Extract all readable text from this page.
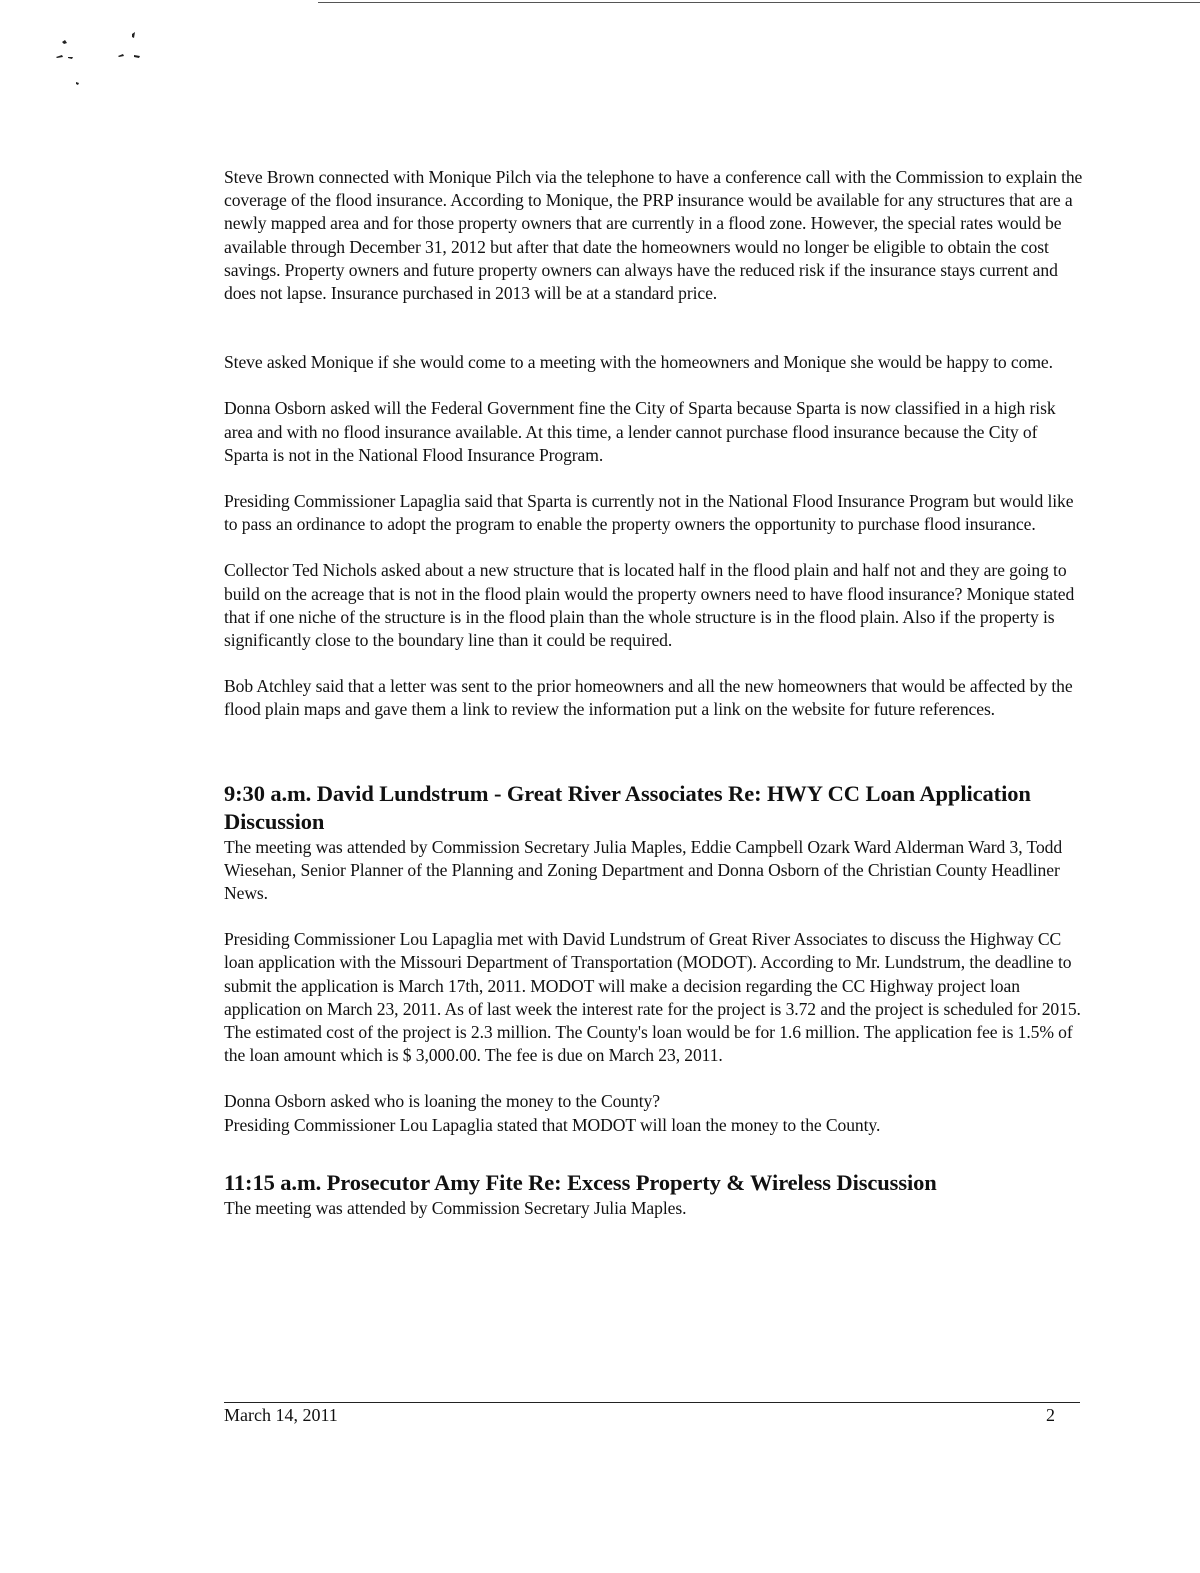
Steve Brown connected with Monique Pilch via the telephone to have a conference call with the Commission to explain the coverage of the flood insurance. According to Monique, the PRP insurance would be available for any structures that are a newly mapped area and for those property owners that are currently in a flood zone. However, the special rates would be available through December 31, 2012 but after that date the homeowners would no longer be eligible to obtain the cost savings. Property owners and future property owners can always have the reduced risk if the insurance stays current and does not lapse. Insurance purchased in 2013 will be at a standard price.

Steve asked Monique if she would come to a meeting with the homeowners and Monique she would be happy to come.

Donna Osborn asked will the Federal Government fine the City of Sparta because Sparta is now classified in a high risk area and with no flood insurance available. At this time, a lender cannot purchase flood insurance because the City of Sparta is not in the National Flood Insurance Program.

Presiding Commissioner Lapaglia said that Sparta is currently not in the National Flood Insurance Program but would like to pass an ordinance to adopt the program to enable the property owners the opportunity to purchase flood insurance.

Collector Ted Nichols asked about a new structure that is located half in the flood plain and half not and they are going to build on the acreage that is not in the flood plain would the property owners need to have flood insurance? Monique stated that if one niche of the structure is in the flood plain than the whole structure is in the flood plain. Also if the property is significantly close to the boundary line than it could be required.

Bob Atchley said that a letter was sent to the prior homeowners and all the new homeowners that would be affected by the flood plain maps and gave them a link to review the information put a link on the website for future references.

9:30 a.m. David Lundstrum - Great River Associates Re: HWY CC Loan Application Discussion

The meeting was attended by Commission Secretary Julia Maples, Eddie Campbell Ozark Ward Alderman Ward 3, Todd Wiesehan, Senior Planner of the Planning and Zoning Department and Donna Osborn of the Christian County Headliner News.

Presiding Commissioner Lou Lapaglia met with David Lundstrum of Great River Associates to discuss the Highway CC loan application with the Missouri Department of Transportation (MODOT). According to Mr. Lundstrum, the deadline to submit the application is March 17th, 2011. MODOT will make a decision regarding the CC Highway project loan application on March 23, 2011. As of last week the interest rate for the project is 3.72 and the project is scheduled for 2015. The estimated cost of the project is 2.3 million. The County's loan would be for 1.6 million. The application fee is 1.5% of the loan amount which is $ 3,000.00. The fee is due on March 23, 2011.

Donna Osborn asked who is loaning the money to the County?

Presiding Commissioner Lou Lapaglia stated that MODOT will loan the money to the County.

11:15 a.m. Prosecutor Amy Fite Re: Excess Property & Wireless Discussion

The meeting was attended by Commission Secretary Julia Maples.

March 14, 2011	2
